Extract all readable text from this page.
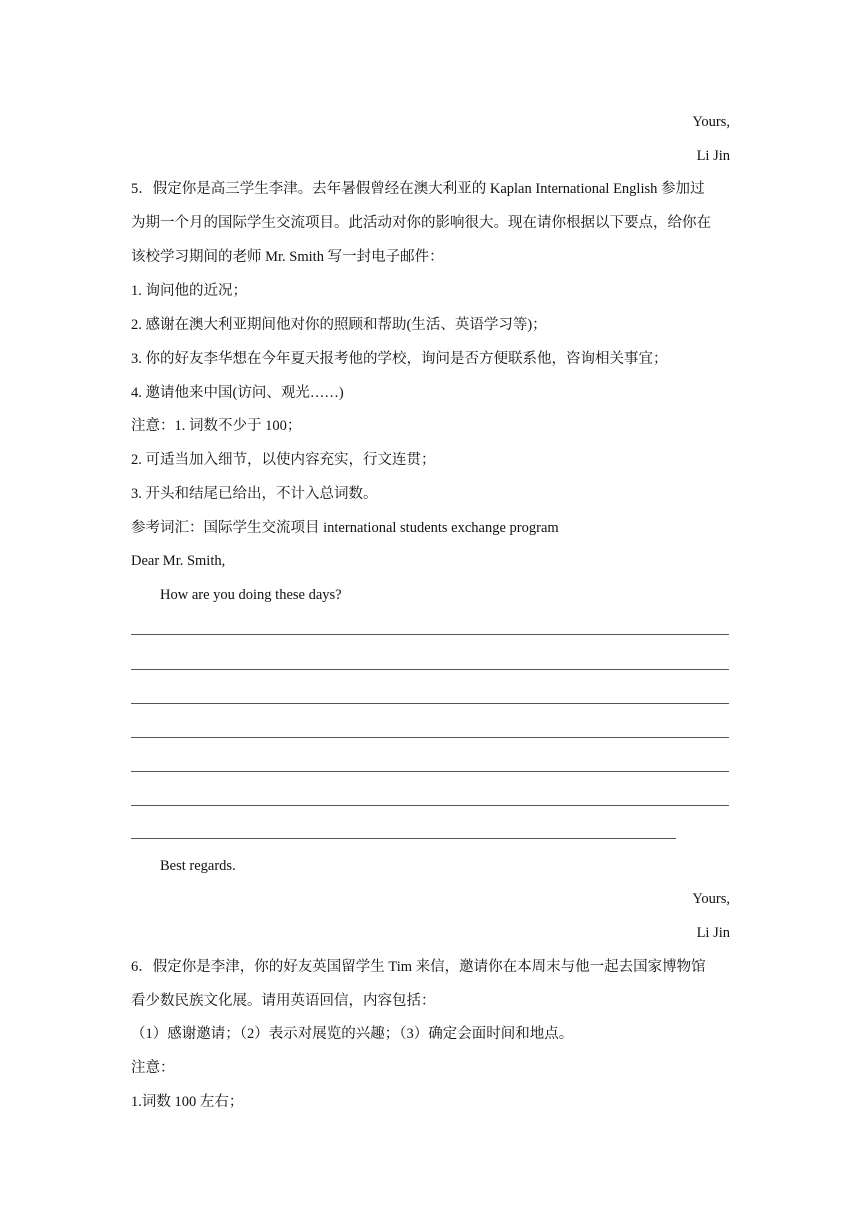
Yours,
Li Jin
5．假定你是高三学生李津。去年暑假曾经在澳大利亚的 Kaplan International English 参加过
为期一个月的国际学生交流项目。此活动对你的影响很大。现在请你根据以下要点，给你在
该校学习期间的老师 Mr. Smith 写一封电子邮件：
1. 询问他的近况；
2. 感谢在澳大利亚期间他对你的照顾和帮助(生活、英语学习等)；
3. 你的好友李华想在今年夏天报考他的学校，询问是否方便联系他，咨询相关事宜；
4. 邀请他来中国(访问、观光……)
注意：1. 词数不少于 100；
2. 可适当加入细节，以使内容充实，行文连贯；
3. 开头和结尾已给出，不计入总词数。
参考词汇：国际学生交流项目 international students exchange program
Dear Mr. Smith,
How are you doing these days?
Best regards.
Yours,
Li Jin
6．假定你是李津，你的好友英国留学生 Tim 来信，邀请你在本周末与他一起去国家博物馆
看少数民族文化展。请用英语回信，内容包括：
（1）感谢邀请；（2）表示对展览的兴趣；（3）确定会面时间和地点。
注意：
1.词数 100 左右；
